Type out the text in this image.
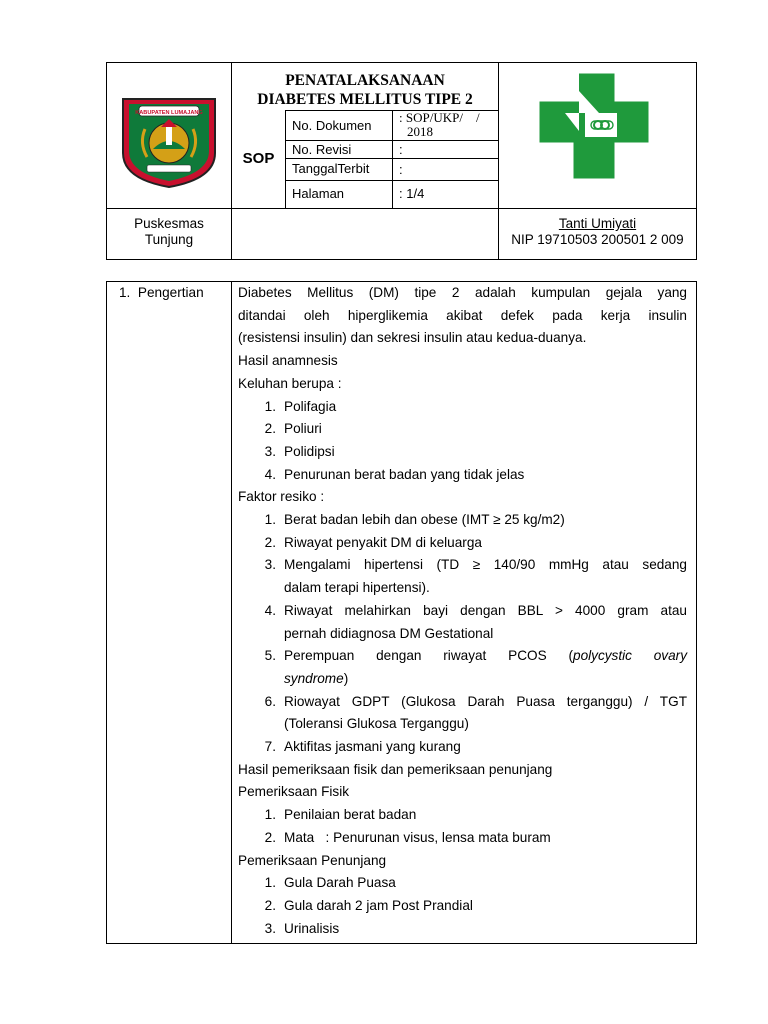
KABUPATEN LUMAJANG
PENATALAKSANAAN
DIABETES MELLITUS TIPE 2
SOP
No. Dokumen
: SOP/UKP/    /
2018
No. Revisi	:
TanggalTerbit :
Halaman	: 1/4
Puskesmas
Tunjung
Tanti Umiyati
NIP 19710503 200501 2 009
1.  Pengertian	Diabetes Mellitus (DM) tipe 2 adalah kumpulan gejala yang

ditandai oleh hiperglikemia akibat defek pada kerja insulin

(resistensi insulin) dan sekresi insulin atau kedua-duanya.

Hasil anamnesis

Keluhan berupa :

1. Polifagia
2. Poliuri
3. Polidipsi
4. Penurunan berat badan yang tidak jelas

Faktor resiko :

1. Berat badan lebih dan obese (IMT ≥ 25 kg/m2)
2. Riwayat penyakit DM di keluarga
3. Mengalami hipertensi (TD ≥ 140/90 mmHg atau sedang
dalam terapi hipertensi).
4. Riwayat melahirkan bayi dengan BBL > 4000 gram atau
pernah didiagnosa DM Gestational
5. Perempuan dengan riwayat PCOS (polycystic ovary
syndrome)
6. Riowayat GDPT (Glukosa Darah Puasa terganggu) / TGT
(Toleransi Glukosa Terganggu)
7. Aktifitas jasmani yang kurang

Hasil pemeriksaan fisik dan pemeriksaan penunjang

Pemeriksaan Fisik

1. Penilaian berat badan
2. Mata   : Penurunan visus, lensa mata buram

Pemeriksaan Penunjang

1. Gula Darah Puasa
2. Gula darah 2 jam Post Prandial
3. Urinalisis
